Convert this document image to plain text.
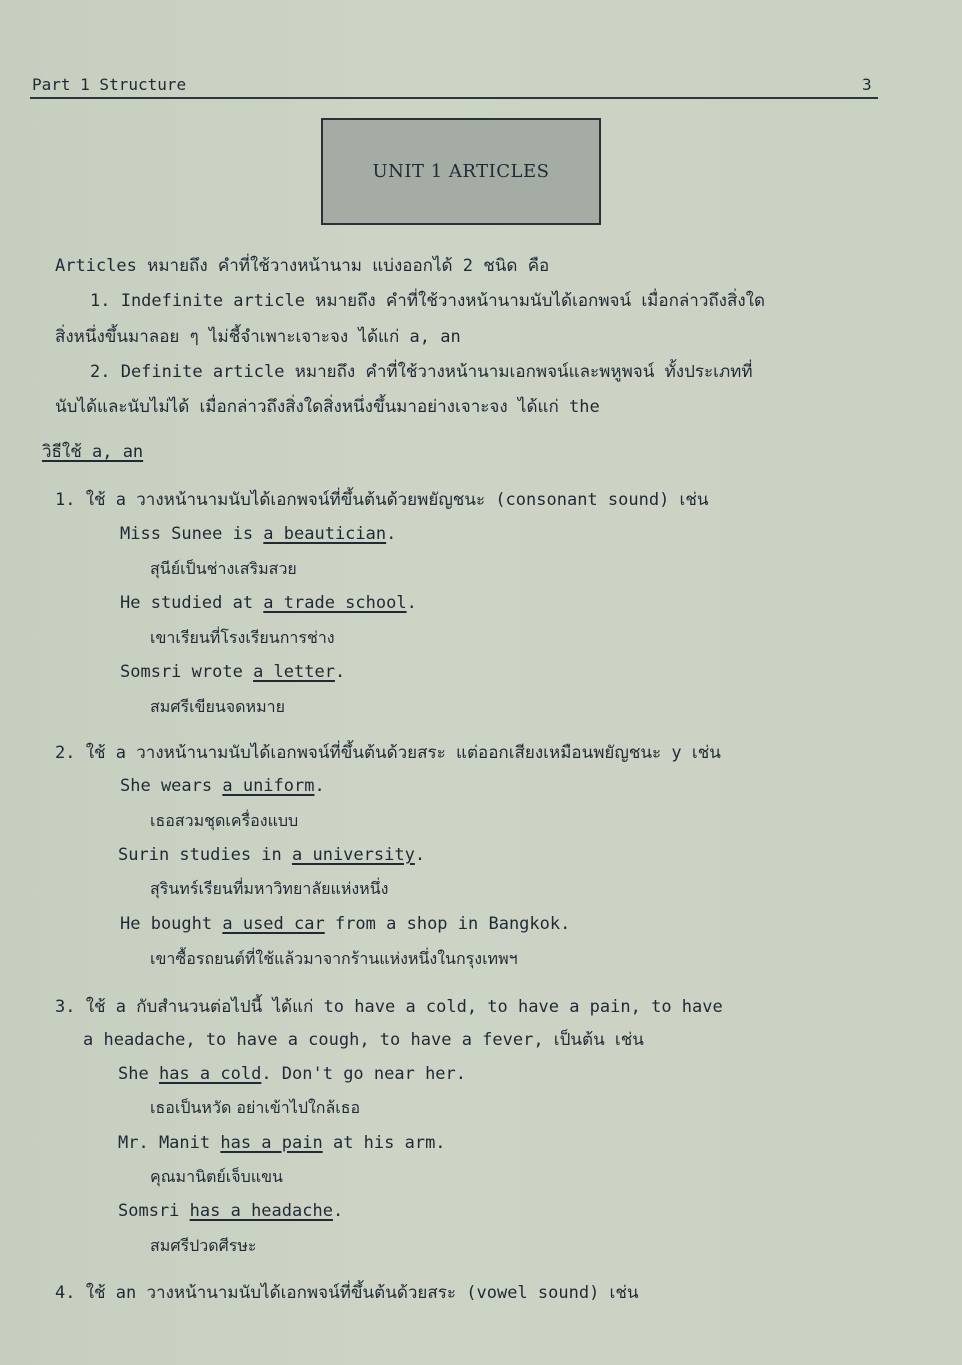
Part 1 Structure	3
UNIT 1 ARTICLES
Articles หมายถึง คำที่ใช้วางหน้านาม แบ่งออกได้ 2 ชนิด คือ
1. Indefinite article หมายถึง คำที่ใช้วางหน้านามนับได้เอกพจน์ เมื่อกล่าวถึงสิ่งใด
สิ่งหนึ่งขึ้นมาลอย ๆ ไม่ชี้จำเพาะเจาะจง ได้แก่ a, an
2. Definite article หมายถึง คำที่ใช้วางหน้านามเอกพจน์และพหูพจน์ ทั้งประเภทที่
นับได้และนับไม่ได้ เมื่อกล่าวถึงสิ่งใดสิ่งหนึ่งขึ้นมาอย่างเจาะจง ได้แก่ the
วิธีใช้ a, an
1. ใช้ a วางหน้านามนับได้เอกพจน์ที่ขึ้นต้นด้วยพยัญชนะ (consonant sound) เช่น
Miss Sunee is a beautician.
สุนีย์เป็นช่างเสริมสวย
He studied at a trade school.
เขาเรียนที่โรงเรียนการช่าง
Somsri wrote a letter.
สมศรีเขียนจดหมาย
2. ใช้ a วางหน้านามนับได้เอกพจน์ที่ขึ้นต้นด้วยสระ แต่ออกเสียงเหมือนพยัญชนะ y เช่น
She wears a uniform.
เธอสวมชุดเครื่องแบบ
Surin studies in a university.
สุรินทร์เรียนที่มหาวิทยาลัยแห่งหนึ่ง
He bought a used car from a shop in Bangkok.
เขาซื้อรถยนต์ที่ใช้แล้วมาจากร้านแห่งหนึ่งในกรุงเทพฯ
3. ใช้ a กับสำนวนต่อไปนี้ ได้แก่ to have a cold, to have a pain, to have
a headache, to have a cough, to have a fever, เป็นต้น เช่น
She has a cold. Don't go near her.
เธอเป็นหวัด อย่าเข้าไปใกล้เธอ
Mr. Manit has a pain at his arm.
คุณมานิตย์เจ็บแขน
Somsri has a headache.
สมศรีปวดศีรษะ
4. ใช้ an วางหน้านามนับได้เอกพจน์ที่ขึ้นต้นด้วยสระ (vowel sound) เช่น
